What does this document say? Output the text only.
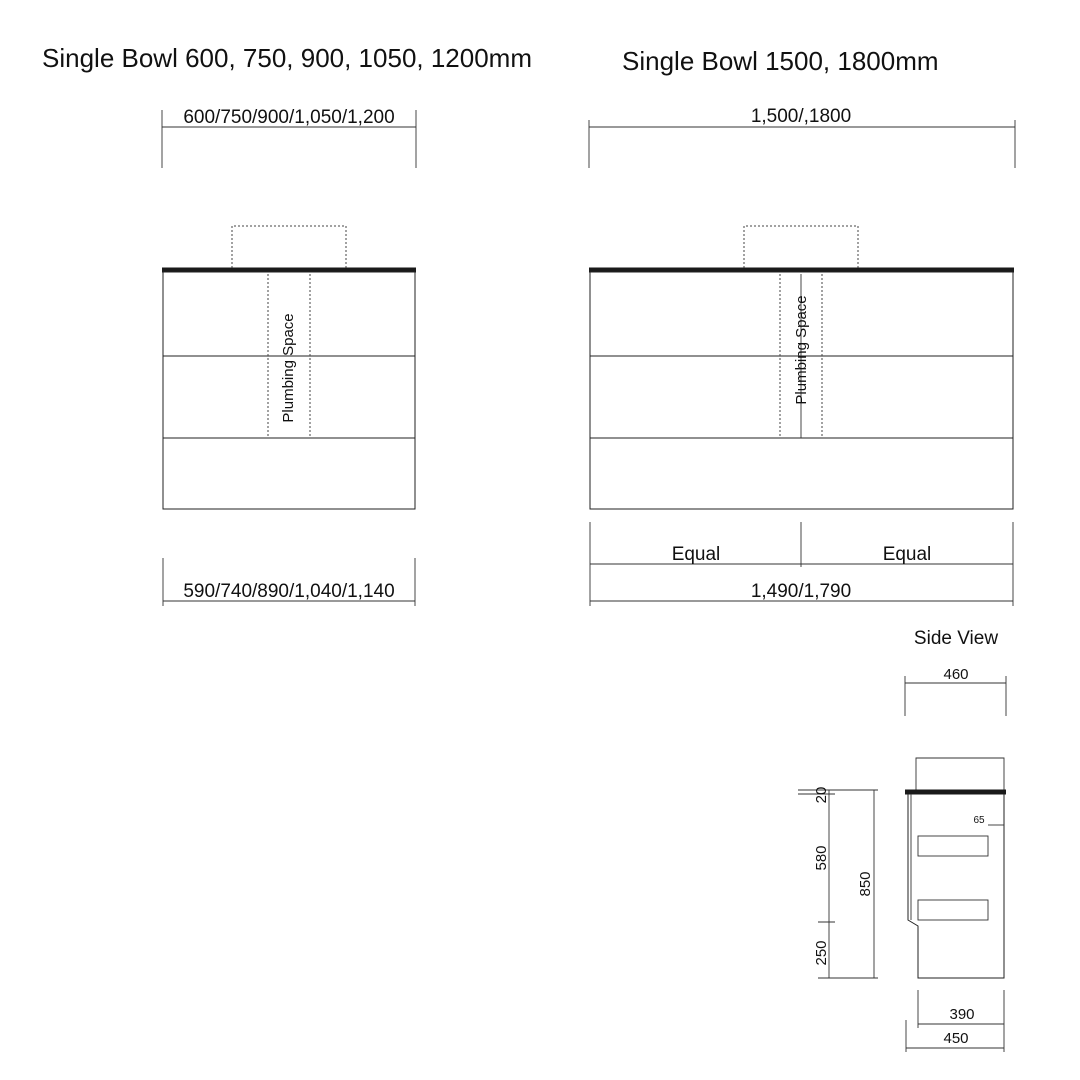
Single Bowl 600, 750, 900, 1050, 1200mm
600/750/900/1,050/1,200
Plumbing Space
590/740/890/1,040/1,140
Single Bowl 1500, 1800mm
1,500/,1800
Plumbing Space
Equal	Equal
1,490/1,790
Side View
460
65
20
580
250
850
390
450
